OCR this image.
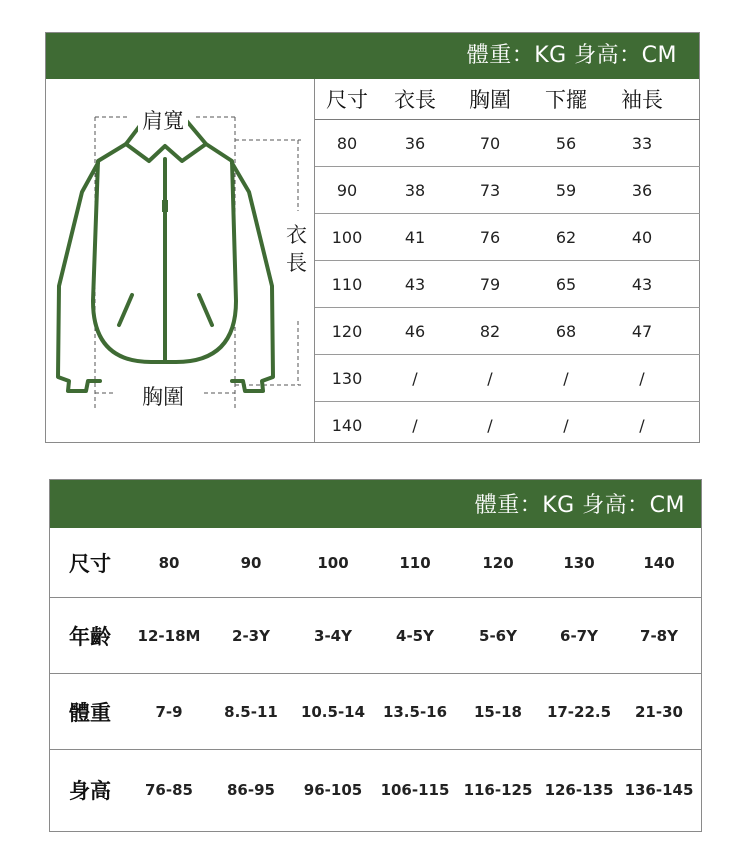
體重：KG 身高：CM
肩寬
胸圍
衣
長
尺寸	衣長	胸圍	下擺	袖長
80	36	70	56	33
90	38	73	59	36
100	41	76	62	40
110	43	79	65	43
120	46	82	68	47
130	/	/	/	/
140	/	/	/	/
體重：KG 身高：CM
尺寸	80	90	100	110	120	130	140
年齡	12-18M	2-3Y	3-4Y	4-5Y	5-6Y	6-7Y	7-8Y
體重	7-9	8.5-11	10.5-14	13.5-16	15-18	17-22.5	21-30
身高	76-85	86-95	96-105	106-115 116-125 126-135 136-145
